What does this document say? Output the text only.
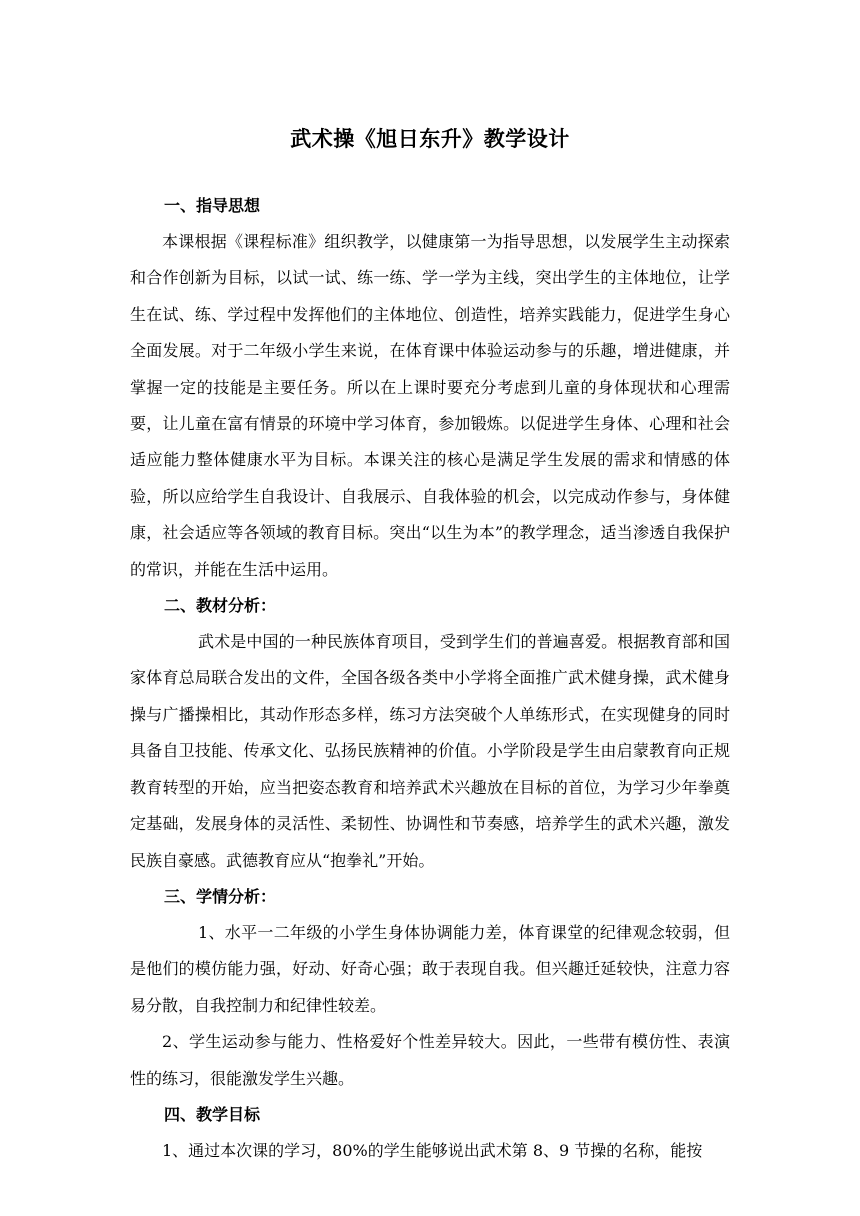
武术操《旭日东升》教学设计
一、指导思想

本课根据《课程标准》组织教学，以健康第一为指导思想，以发展学生主动探索和合作创新为目标，以试一试、练一练、学一学为主线，突出学生的主体地位，让学生在试、练、学过程中发挥他们的主体地位、创造性，培养实践能力，促进学生身心全面发展。对于二年级小学生来说，在体育课中体验运动参与的乐趣，增进健康，并掌握一定的技能是主要任务。所以在上课时要充分考虑到儿童的身体现状和心理需要，让儿童在富有情景的环境中学习体育，参加锻炼。以促进学生身体、心理和社会适应能力整体健康水平为目标。本课关注的核心是满足学生发展的需求和情感的体验，所以应给学生自我设计、自我展示、自我体验的机会，以完成动作参与，身体健康，社会适应等各领域的教育目标。突出“以生为本”的教学理念，适当渗透自我保护的常识，并能在生活中运用。

二、教材分析：

武术是中国的一种民族体育项目，受到学生们的普遍喜爱。根据教育部和国家体育总局联合发出的文件，全国各级各类中小学将全面推广武术健身操，武术健身操与广播操相比，其动作形态多样，练习方法突破个人单练形式，在实现健身的同时具备自卫技能、传承文化、弘扬民族精神的价值。小学阶段是学生由启蒙教育向正规教育转型的开始，应当把姿态教育和培养武术兴趣放在目标的首位，为学习少年拳奠定基础，发展身体的灵活性、柔韧性、协调性和节奏感，培养学生的武术兴趣，激发民族自豪感。武德教育应从“抱拳礼”开始。

三、学情分析：

1、水平一二年级的小学生身体协调能力差，体育课堂的纪律观念较弱，但是他们的模仿能力强，好动、好奇心强；敢于表现自我。但兴趣迁延较快，注意力容易分散，自我控制力和纪律性较差。

2、学生运动参与能力、性格爱好个性差异较大。因此，一些带有模仿性、表演性的练习，很能激发学生兴趣。

四、教学目标

1、通过本次课的学习，80%的学生能够说出武术第 8、9 节操的名称，能按
